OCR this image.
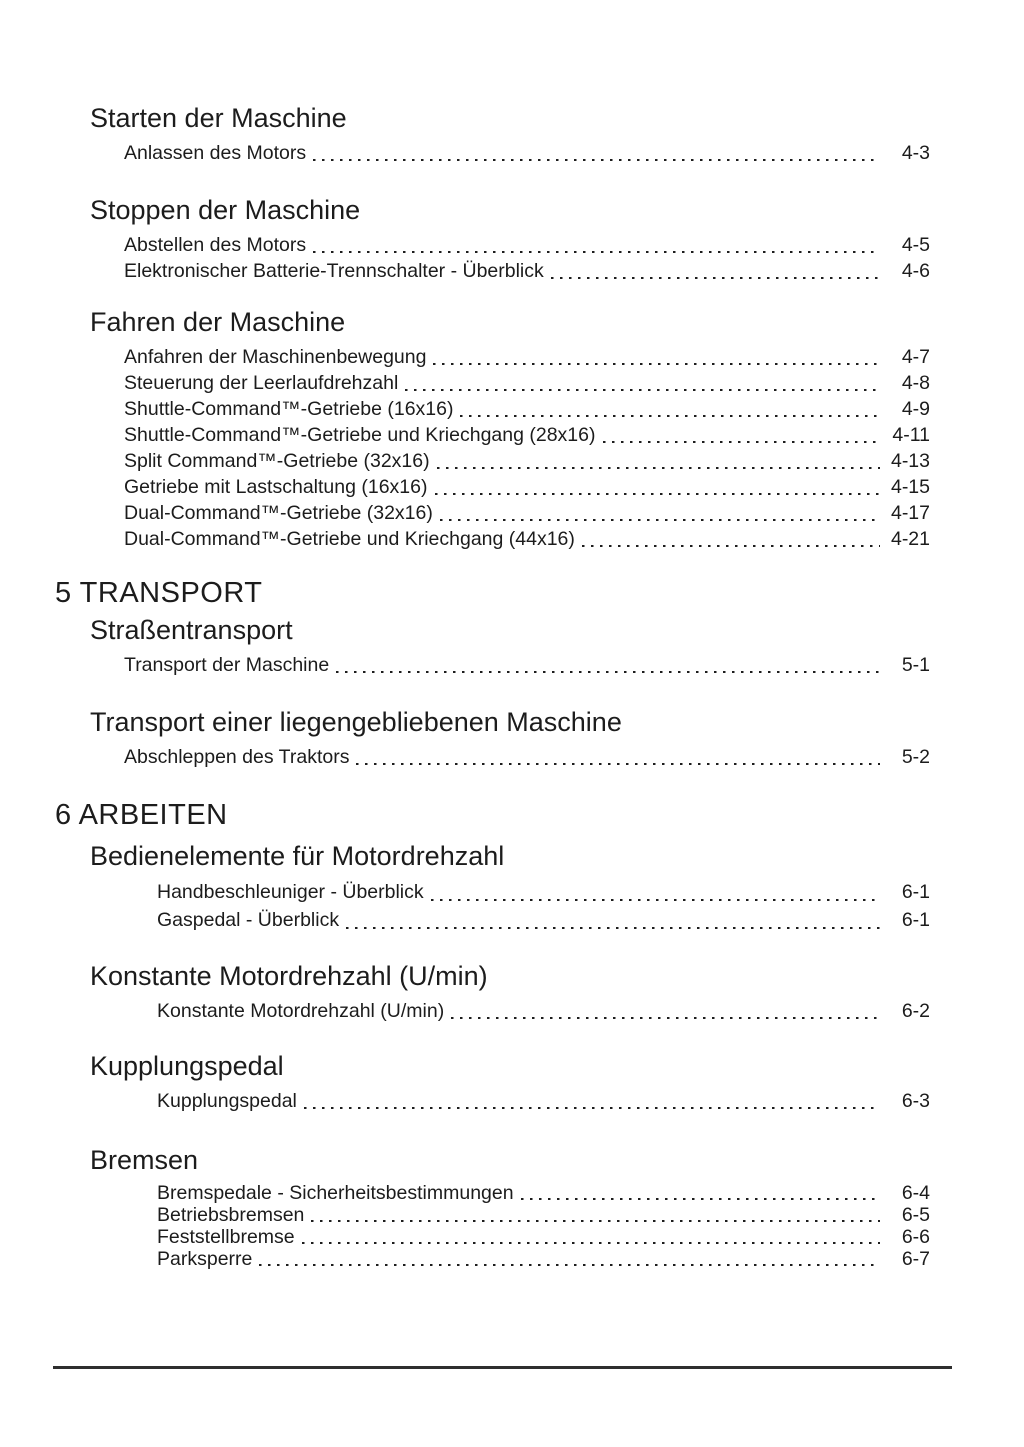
Starten der Maschine
Anlassen des Motors	4-3
Stoppen der Maschine
Abstellen des Motors	4-5
Elektronischer Batterie-Trennschalter - Überblick	4-6
Fahren der Maschine
Anfahren der Maschinenbewegung	4-7
Steuerung der Leerlaufdrehzahl	4-8
Shuttle-Command™-Getriebe (16x16)	4-9
Shuttle-Command™-Getriebe und Kriechgang (28x16)	4-11
Split Command™-Getriebe (32x16)	4-13
Getriebe mit Lastschaltung (16x16)	4-15
Dual-Command™-Getriebe (32x16)	4-17
Dual-Command™-Getriebe und Kriechgang (44x16)	4-21
5 TRANSPORT
Straßentransport
Transport der Maschine	5-1
Transport einer liegengebliebenen Maschine
Abschleppen des Traktors	5-2
6 ARBEITEN
Bedienelemente für Motordrehzahl
Handbeschleuniger - Überblick	6-1
Gaspedal - Überblick	6-1
Konstante Motordrehzahl (U/min)
Konstante Motordrehzahl (U/min)	6-2
Kupplungspedal
Kupplungspedal	6-3
Bremsen
Bremspedale - Sicherheitsbestimmungen	6-4
Betriebsbremsen	6-5
Feststellbremse	6-6
Parksperre	6-7
